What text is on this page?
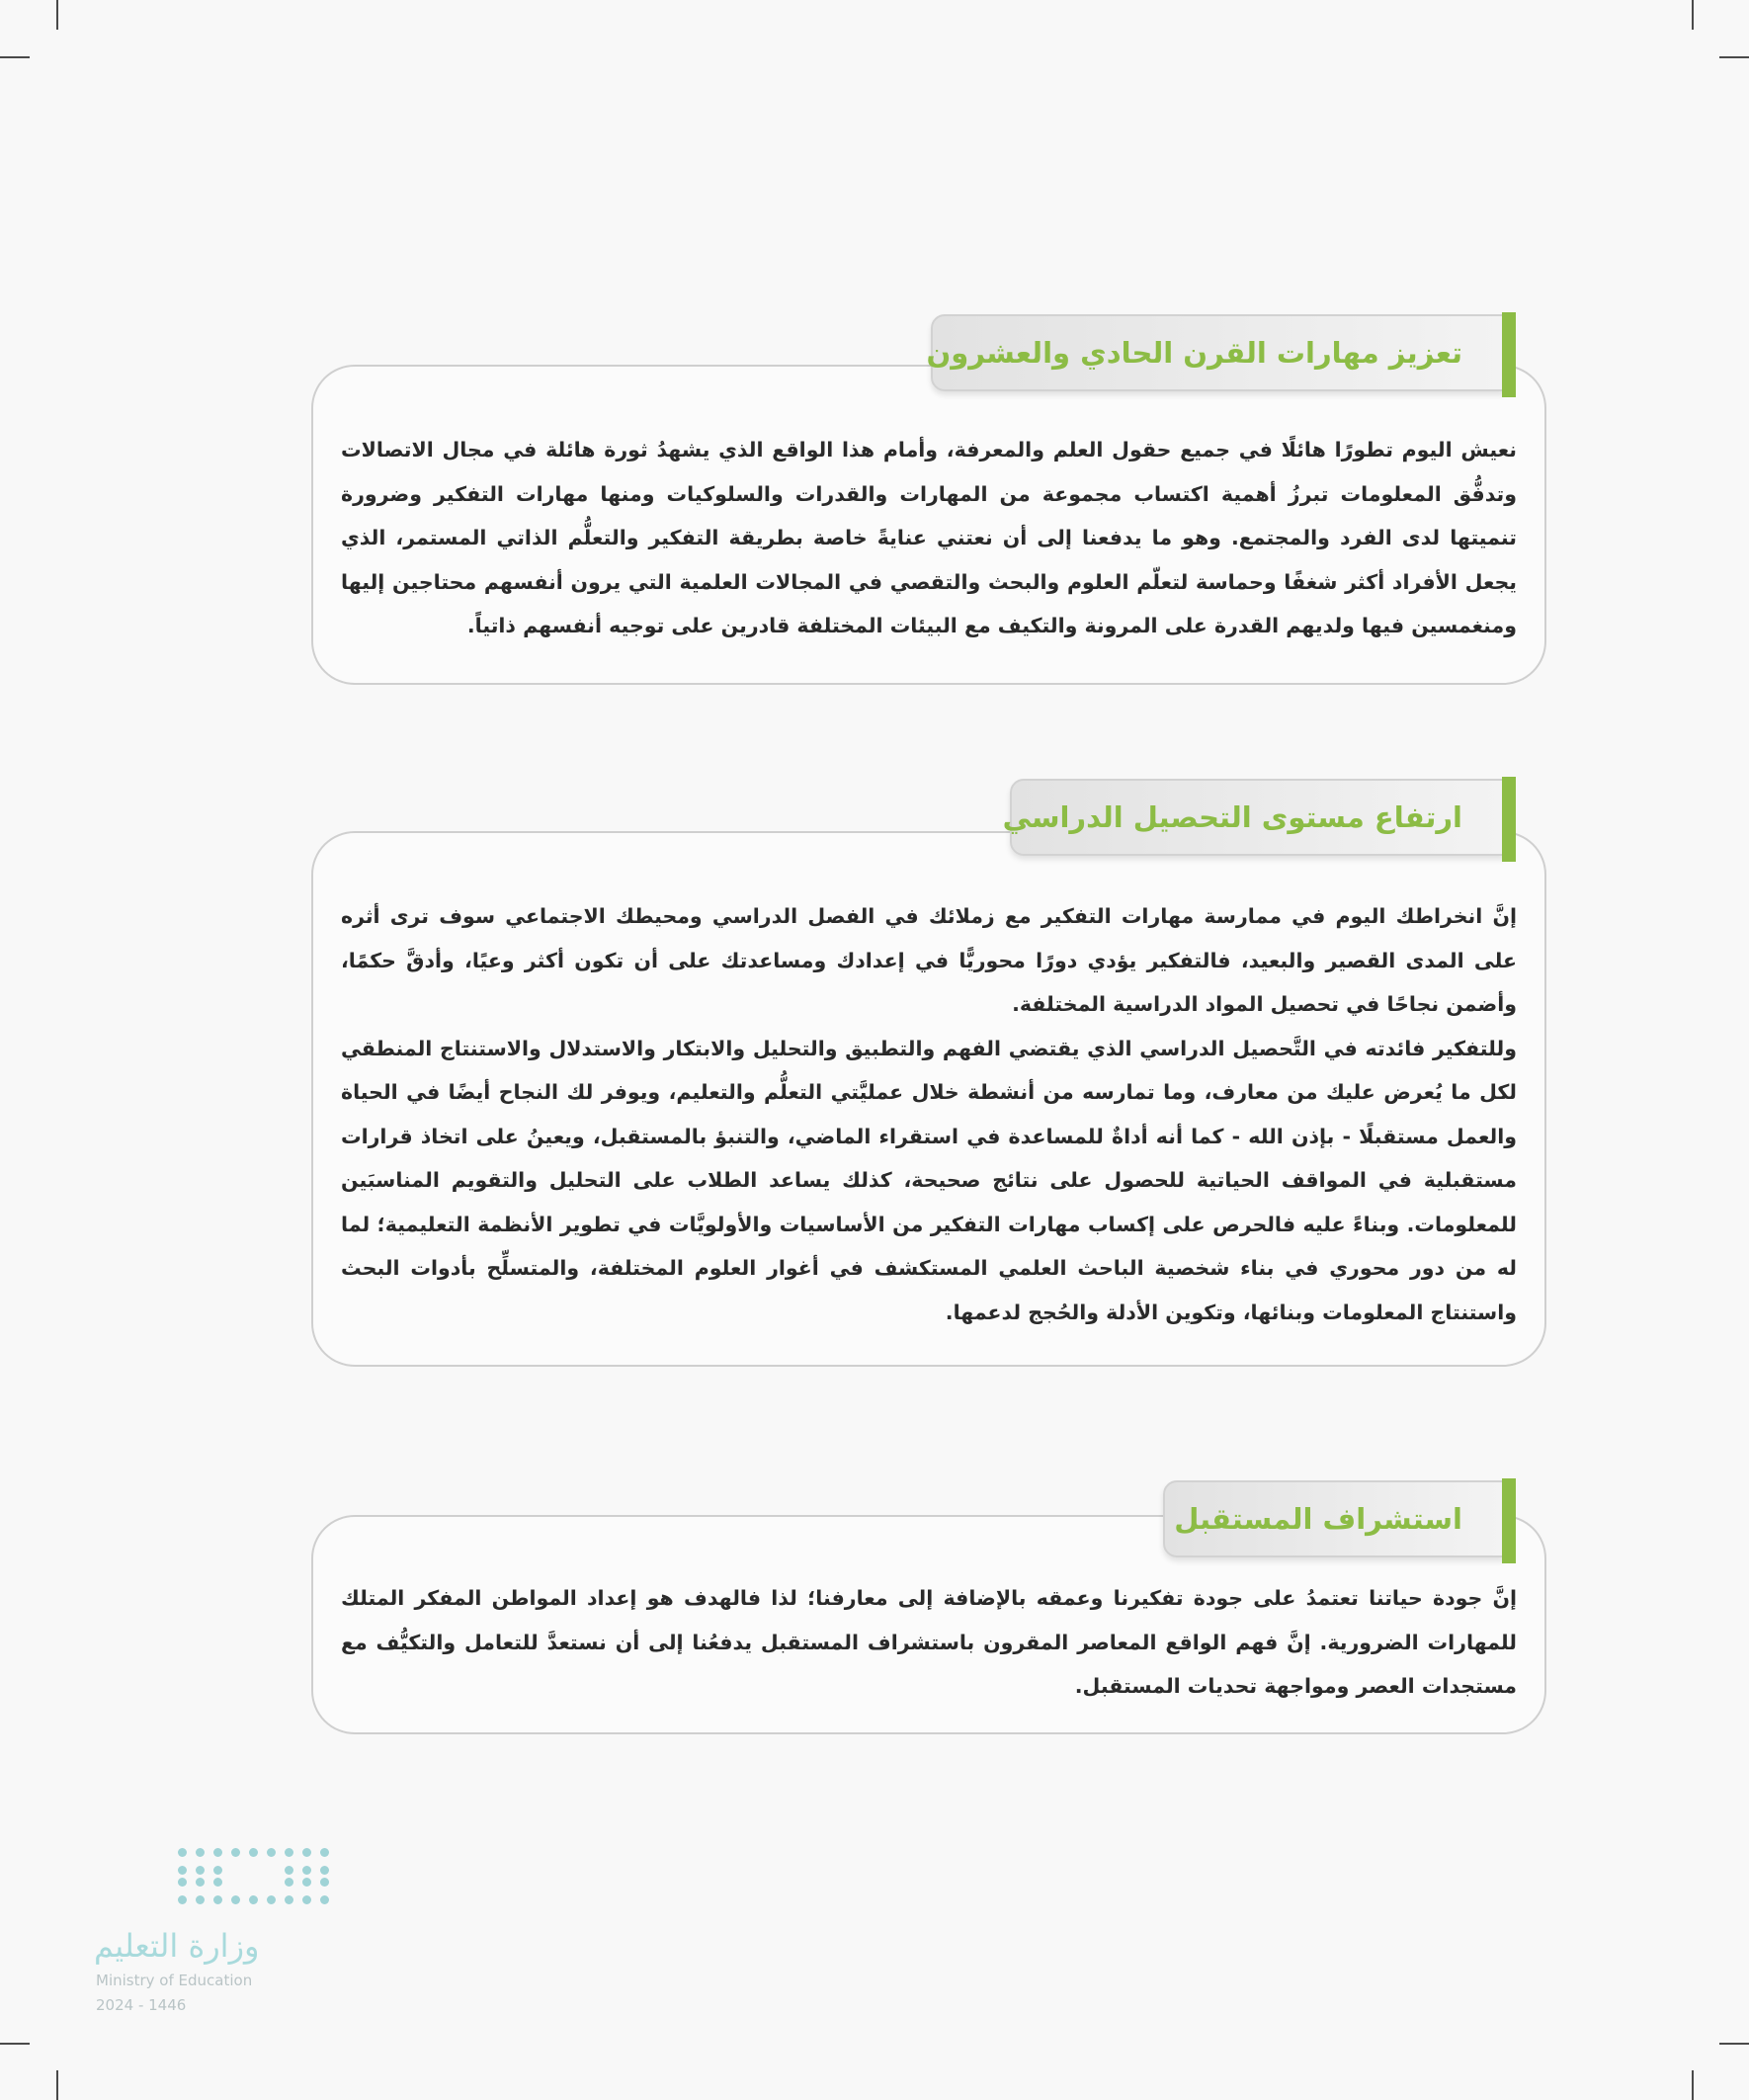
تعزيز مهارات القرن الحادي والعشرون

نعيش اليوم تطورًا هائلًا في جميع حقول العلم والمعرفة، وأمام هذا الواقع الذي يشهدُ ثورة هائلة في مجال الاتصالات وتدفُّق المعلومات تبرزُ أهمية اكتساب مجموعة من المهارات والقدرات والسلوكيات ومنها مهارات التفكير وضرورة تنميتها لدى الفرد والمجتمع. وهو ما يدفعنا إلى أن نعتني عنايةً خاصة بطريقة التفكير والتعلُّم الذاتي المستمر، الذي يجعل الأفراد أكثر شغفًا وحماسة لتعلّم العلوم والبحث والتقصي في المجالات العلمية التي يرون أنفسهم محتاجين إليها ومنغمسين فيها ولديهم القدرة على المرونة والتكيف مع البيئات المختلفة قادرين على توجيه أنفسهم ذاتياً.

ارتفاع مستوى التحصيل الدراسي

إنَّ انخراطك اليوم في ممارسة مهارات التفكير مع زملائك في الفصل الدراسي ومحيطك الاجتماعي سوف ترى أثره على المدى القصير والبعيد، فالتفكير يؤدي دورًا محوريًّا في إعدادك ومساعدتك على أن تكون أكثر وعيًا، وأدقَّ حكمًا، وأضمن نجاحًا في تحصيل المواد الدراسية المختلفة.

وللتفكير فائدته في التَّحصيل الدراسي الذي يقتضي الفهم والتطبيق والتحليل والابتكار والاستدلال والاستنتاج المنطقي لكل ما يُعرض عليك من معارف، وما تمارسه من أنشطة خلال عمليَّتي التعلُّم والتعليم، ويوفر لك النجاح أيضًا في الحياة والعمل مستقبلًا - بإذن الله - كما أنه أداةٌ للمساعدة في استقراء الماضي، والتنبؤ بالمستقبل، ويعينُ على اتخاذ قرارات مستقبلية في المواقف الحياتية للحصول على نتائج صحيحة، كذلك يساعد الطلاب على التحليل والتقويم المناسبَين للمعلومات. وبناءً عليه فالحرص على إكساب مهارات التفكير من الأساسيات والأولويَّات في تطوير الأنظمة التعليمية؛ لما له من دور محوري في بناء شخصية الباحث العلمي المستكشف في أغوار العلوم المختلفة، والمتسلِّح بأدوات البحث واستنتاج المعلومات وبنائها، وتكوين الأدلة والحُجج لدعمها.

استشراف المستقبل

إنَّ جودة حياتنا تعتمدُ على جودة تفكيرنا وعمقه بالإضافة إلى معارفنا؛ لذا فالهدف هو إعداد المواطن المفكر المتلك للمهارات الضرورية. إنَّ فهم الواقع المعاصر المقرون باستشراف المستقبل يدفعُنا إلى أن نستعدَّ للتعامل والتكيُّف مع مستجدات العصر ومواجهة تحديات المستقبل.

وزارة التعليم
Ministry of Education
2024 - 1446
